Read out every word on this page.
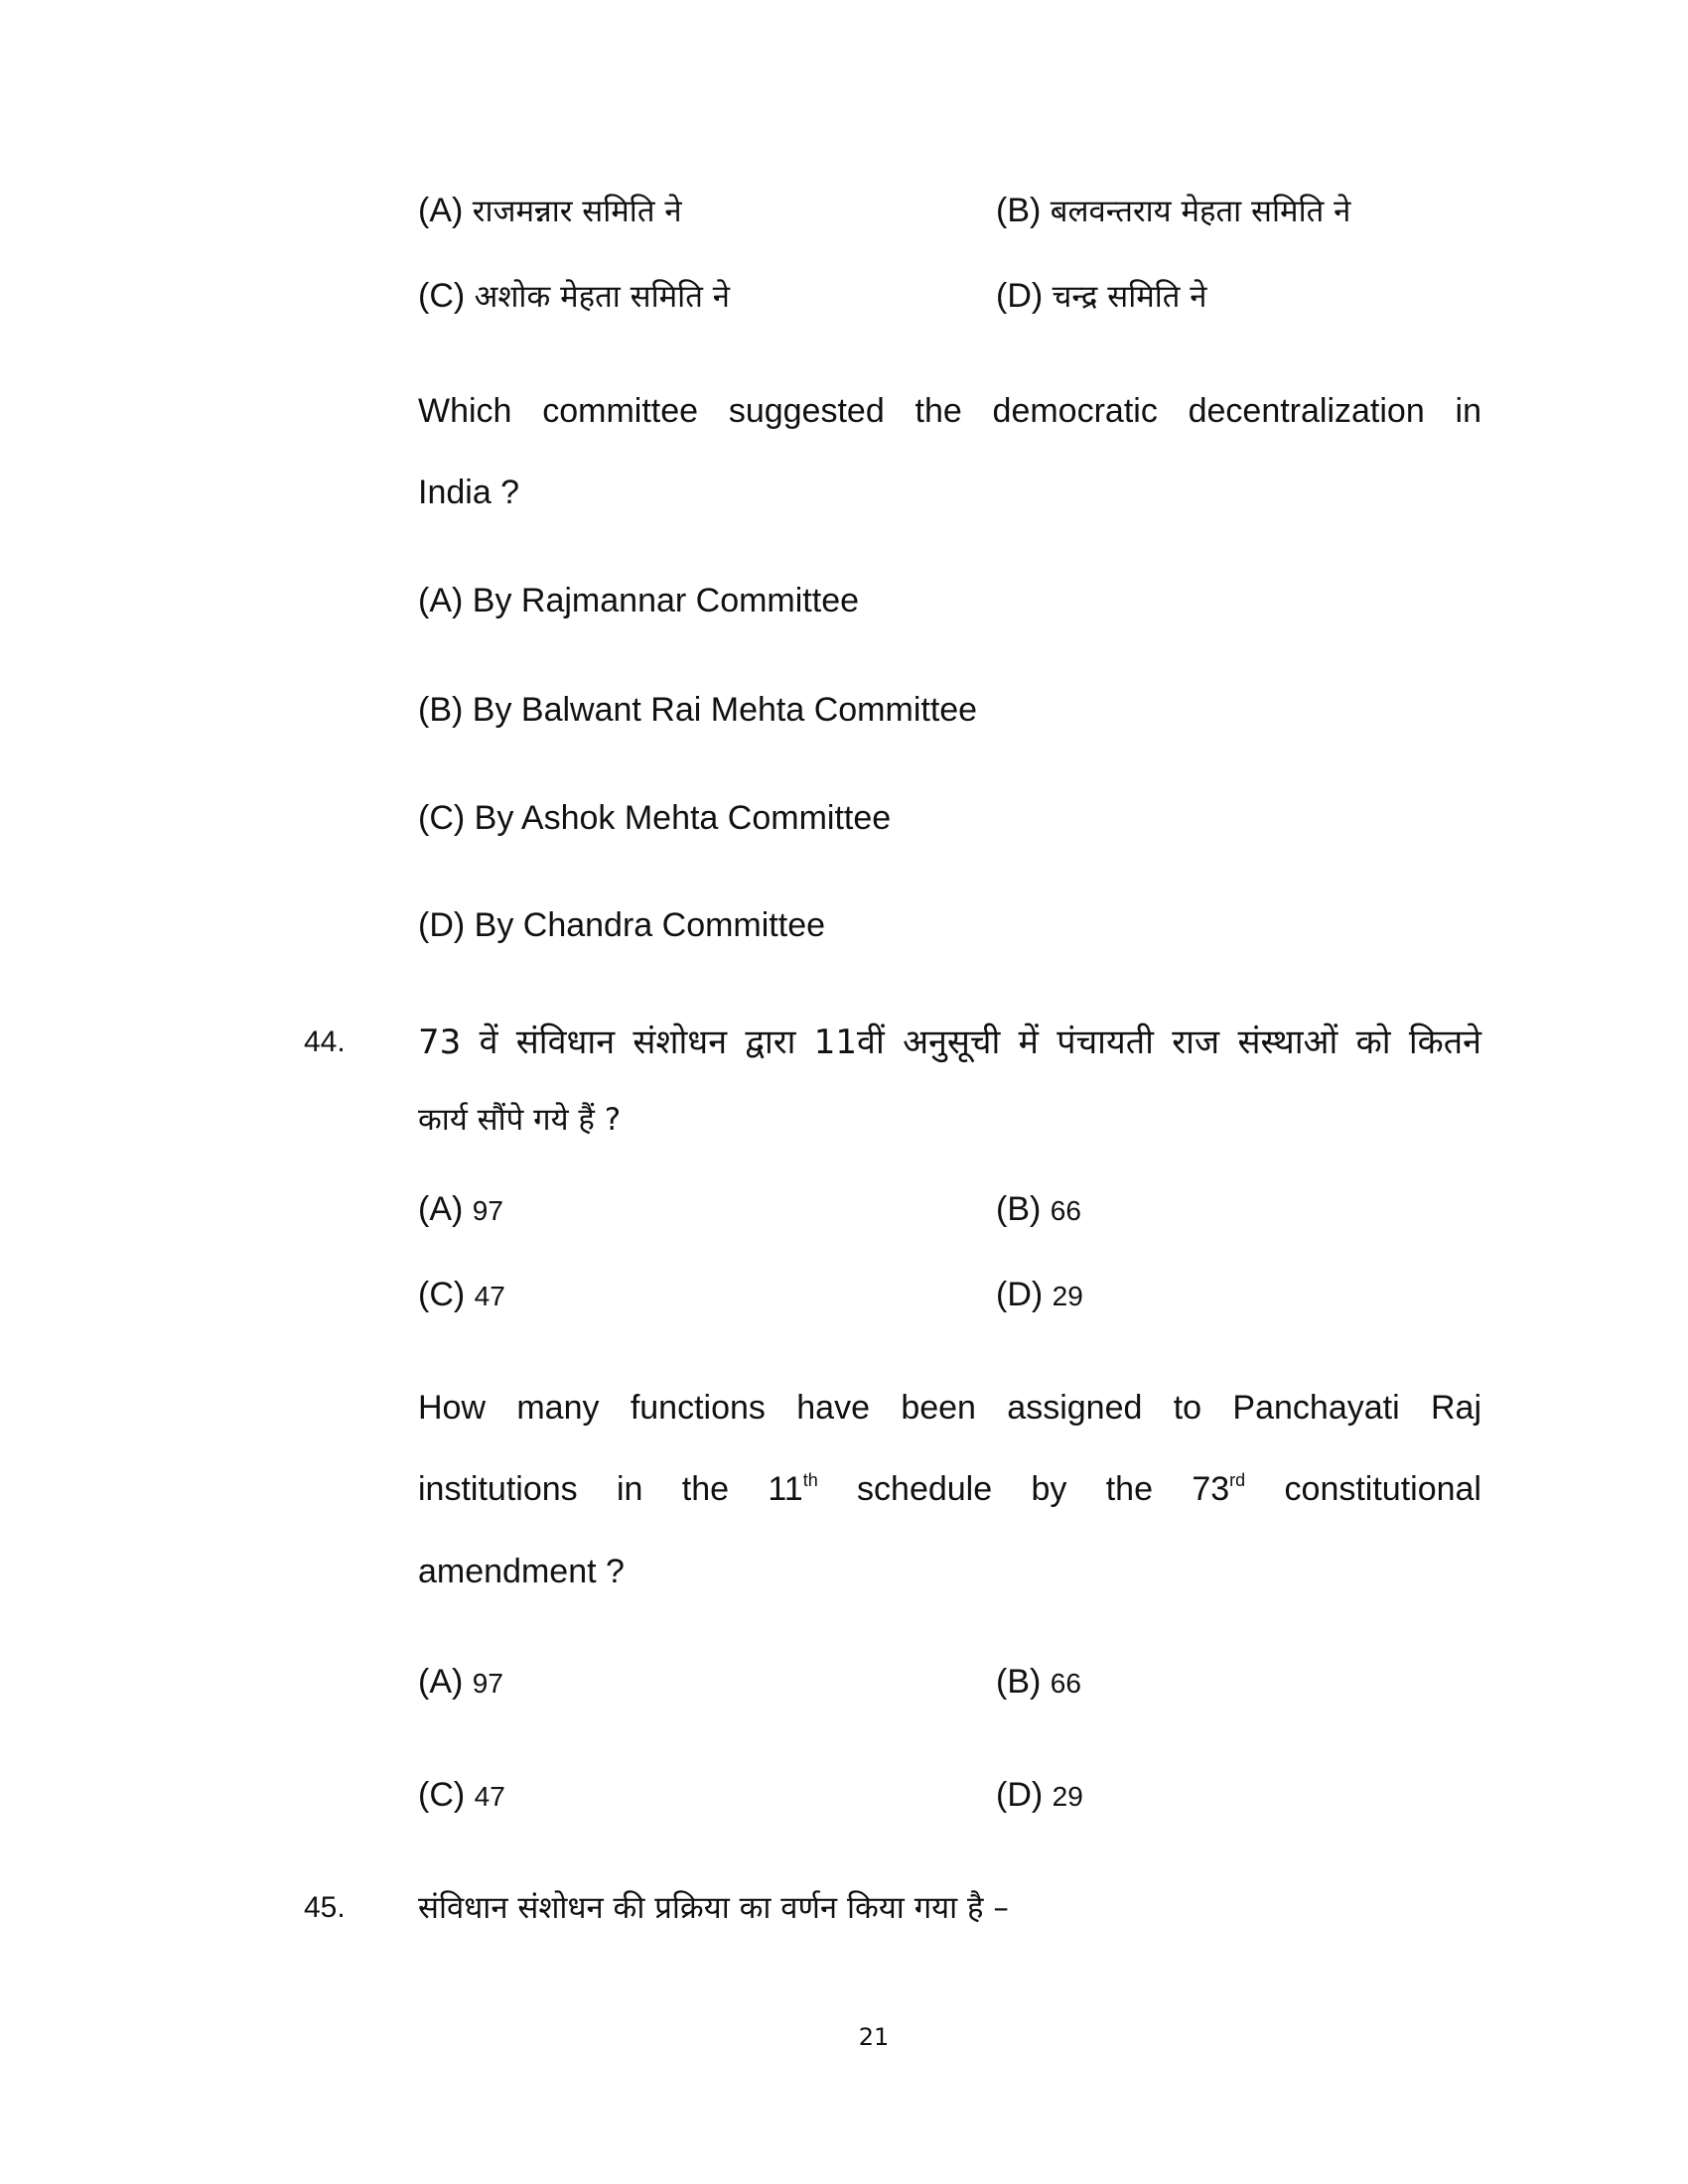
(A) राजमन्नार समिति ने	(B) बलवन्तराय मेहता समिति ने
(C) अशोक मेहता समिति ने	(D) चन्द्र समिति ने
Which committee suggested the democratic decentralization in
India ?
(A) By Rajmannar Committee
(B) By Balwant Rai Mehta Committee
(C) By Ashok Mehta Committee
(D) By Chandra Committee
44. 73 वें संविधान संशोधन द्वारा 11वीं अनुसूची में पंचायती राज संस्थाओं को कितने
कार्य सौंपे गये हैं ?
(A) 97	(B) 66
(C) 47	(D) 29
How many functions have been assigned to Panchayati Raj
institutions in the 11th schedule by the 73rd constitutional
amendment ?
(A) 97	(B) 66
(C) 47	(D) 29
45. संविधान संशोधन की प्रक्रिया का वर्णन किया गया है –
21
